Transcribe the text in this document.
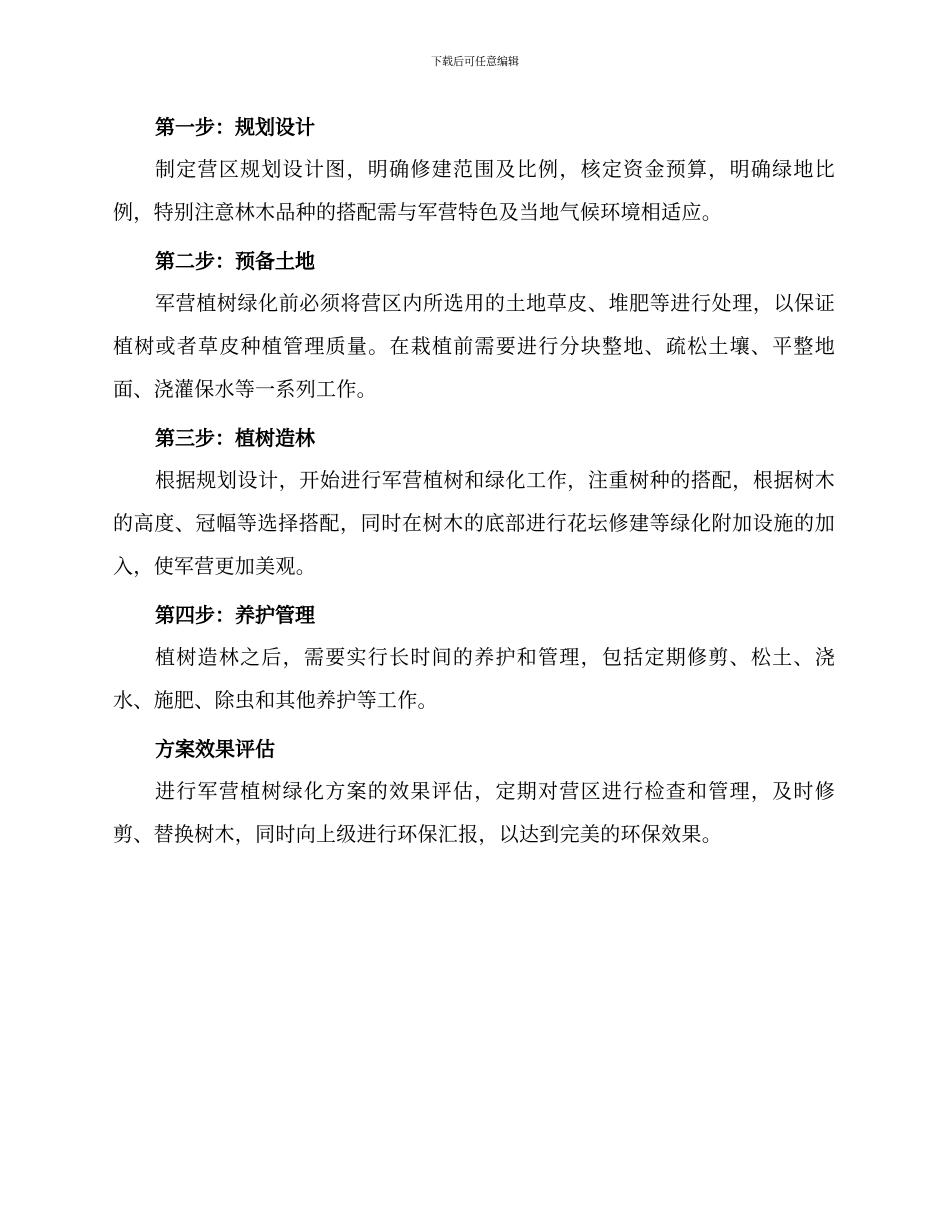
下载后可任意编辑
第一步：规划设计

制定营区规划设计图，明确修建范围及比例，核定资金预算，明确绿地比例，特别注意林木品种的搭配需与军营特色及当地气候环境相适应。

第二步：预备土地

军营植树绿化前必须将营区内所选用的土地草皮、堆肥等进行处理，以保证植树或者草皮种植管理质量。在栽植前需要进行分块整地、疏松土壤、平整地面、浇灌保水等一系列工作。

第三步：植树造林

根据规划设计，开始进行军营植树和绿化工作，注重树种的搭配，根据树木的高度、冠幅等选择搭配，同时在树木的底部进行花坛修建等绿化附加设施的加入，使军营更加美观。

第四步：养护管理

植树造林之后，需要实行长时间的养护和管理，包括定期修剪、松土、浇水、施肥、除虫和其他养护等工作。

方案效果评估

进行军营植树绿化方案的效果评估，定期对营区进行检查和管理，及时修剪、替换树木，同时向上级进行环保汇报，以达到完美的环保效果。
